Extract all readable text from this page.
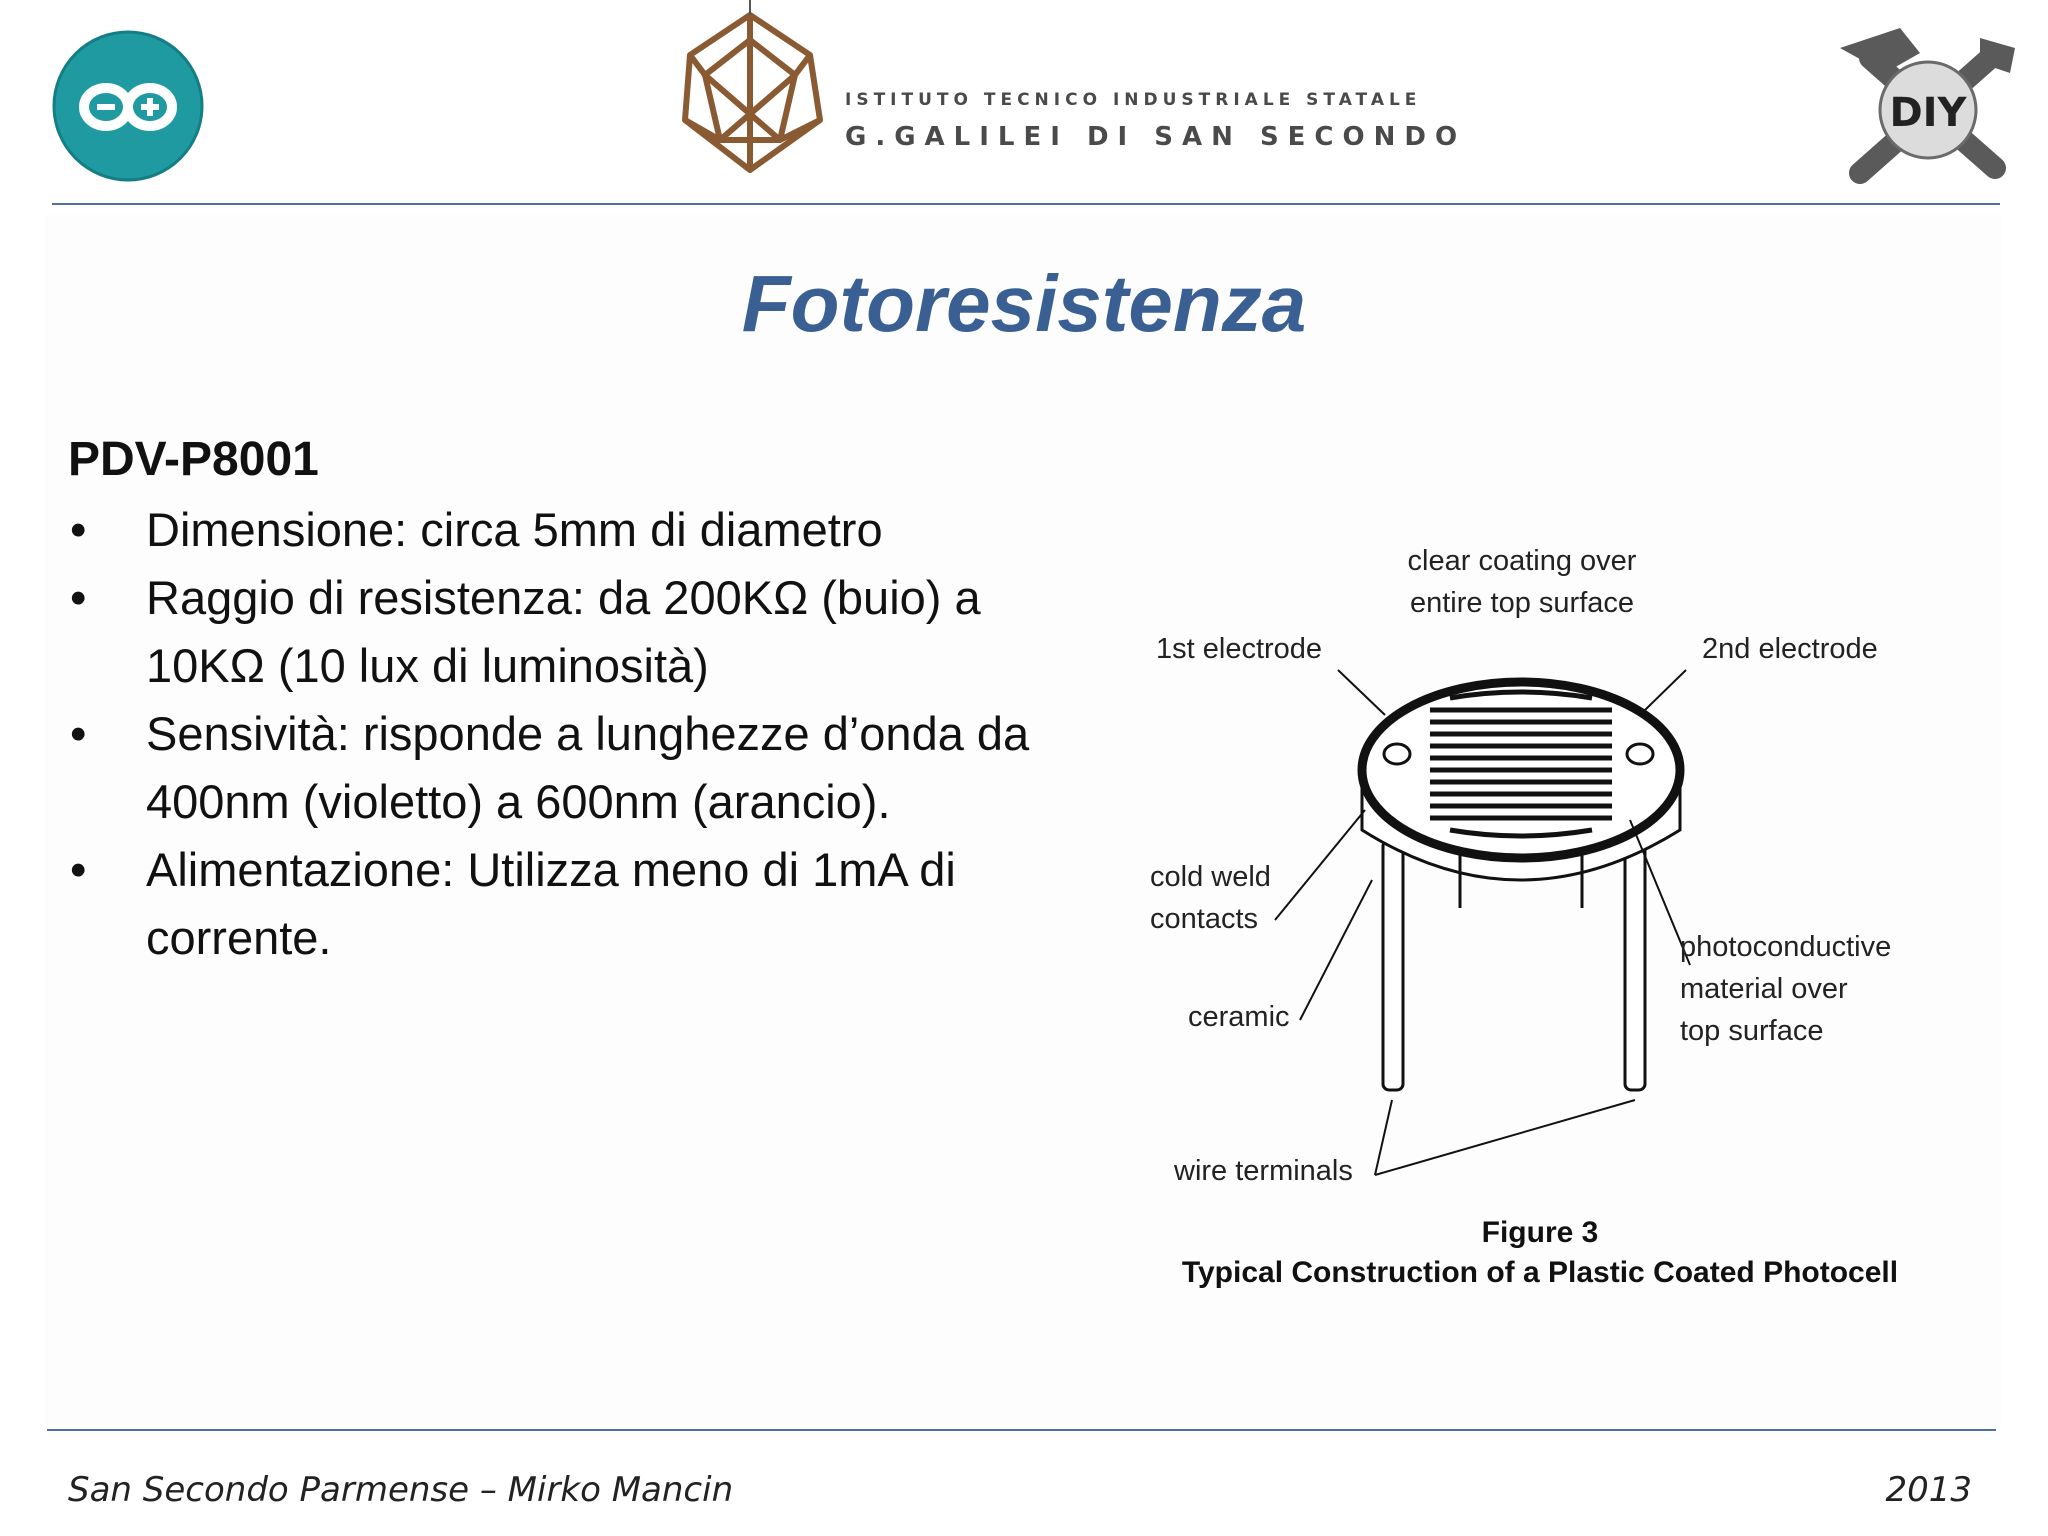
ISTITUTO TECNICO INDUSTRIALE STATALE
G.GALILEI DI SAN SECONDO
DIY
Fotoresistenza

PDV-P8001

• Dimensione: circa 5mm di diametro
• Raggio di resistenza: da 200KΩ (buio) a 10KΩ (10 lux di luminosità)
• Sensività: risponde a lunghezze d’onda da 400nm (violetto) a 600nm (arancio).
• Alimentazione: Utilizza meno di 1mA di corrente.
clear coating over
entire top surface
1st electrode	2nd electrode
cold weld
contacts
photoconductive
material over
top surface
ceramic
wire terminals
Figure 3
Typical Construction of a Plastic Coated Photocell
San Secondo Parmense – Mirko Mancin	2013
